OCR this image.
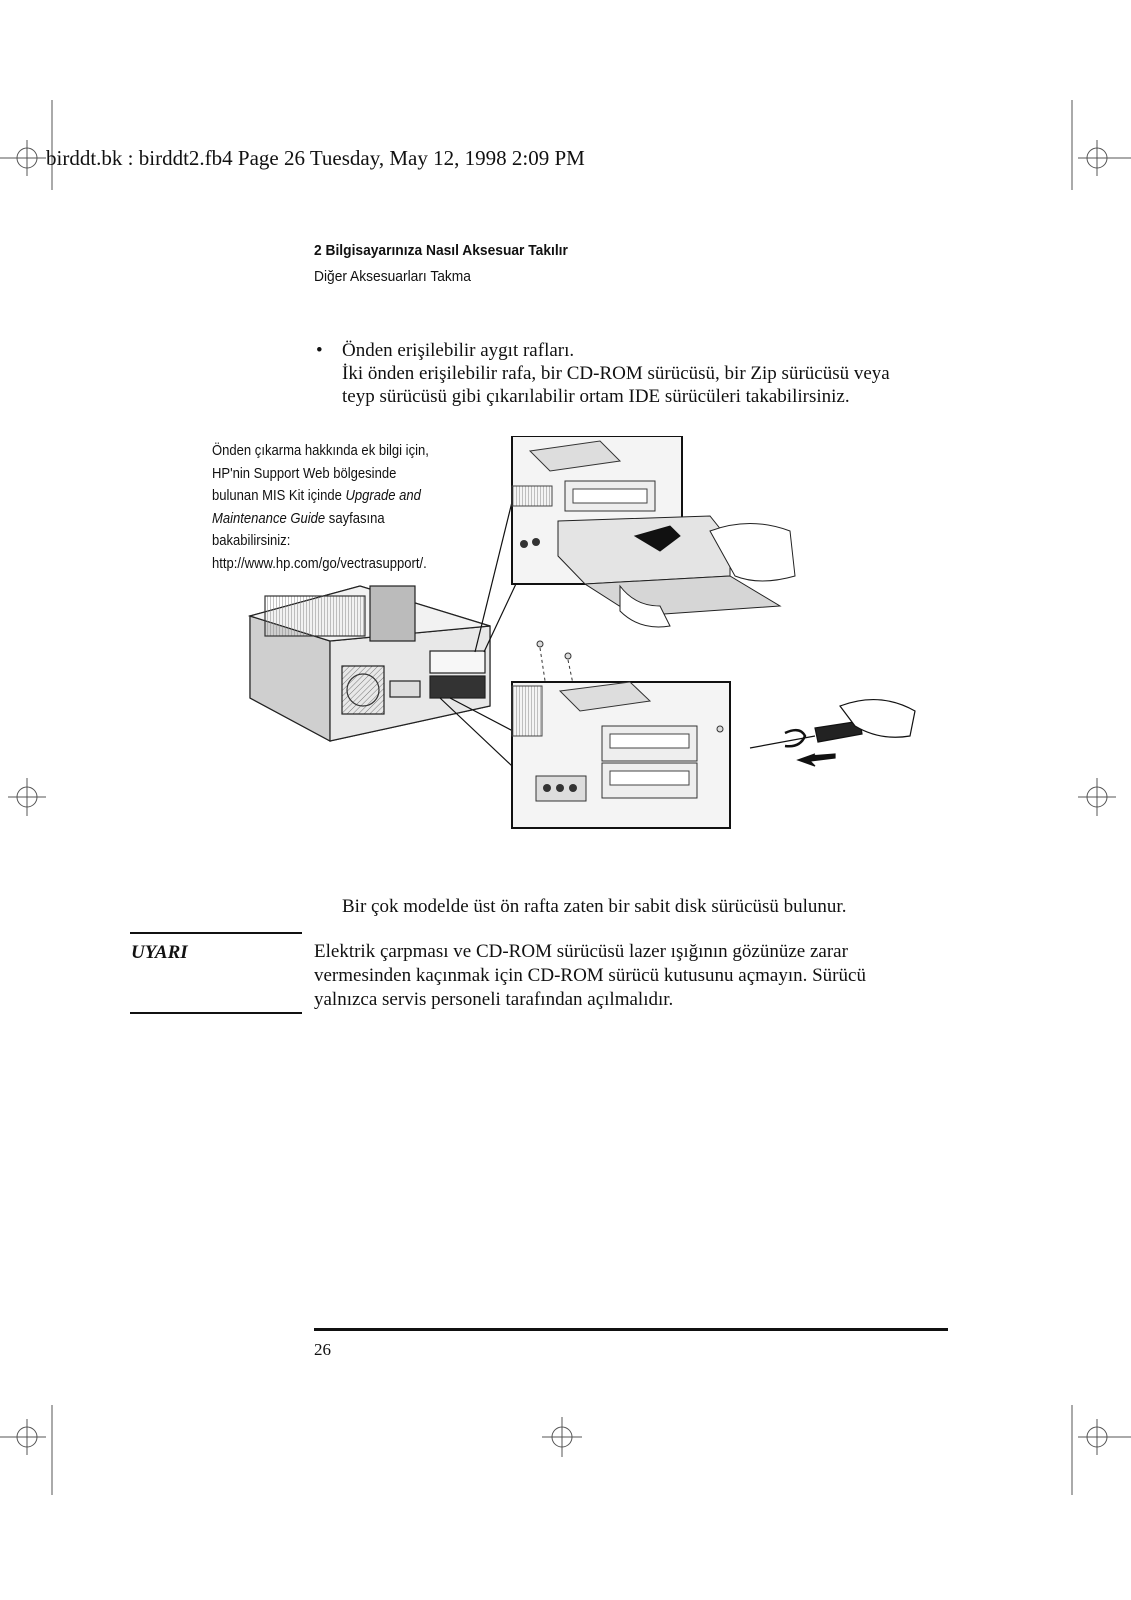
birddt.bk : birddt2.fb4 Page 26 Tuesday, May 12, 1998 2:09 PM
2 Bilgisayarınıza Nasıl Aksesuar Takılır
Diğer Aksesuarları Takma
• Önden erişilebilir aygıt rafları.
İki önden erişilebilir rafa, bir CD-ROM sürücüsü, bir Zip sürücüsü veya
teyp sürücüsü gibi çıkarılabilir ortam IDE sürücüleri takabilirsiniz.
Önden çıkarma hakkında ek bilgi için,
HP'nin Support Web bölgesinde
bulunan MIS Kit içinde Upgrade and
Maintenance Guide sayfasına
bakabilirsiniz:
http://www.hp.com/go/vectrasupport/.
Bir çok modelde üst ön rafta zaten bir sabit disk sürücüsü bulunur.
UYARI	Elektrik çarpması ve CD-ROM sürücüsü lazer ışığının gözünüze zarar
vermesinden kaçınmak için CD-ROM sürücü kutusunu açmayın. Sürücü
yalnızca servis personeli tarafından açılmalıdır.
26
